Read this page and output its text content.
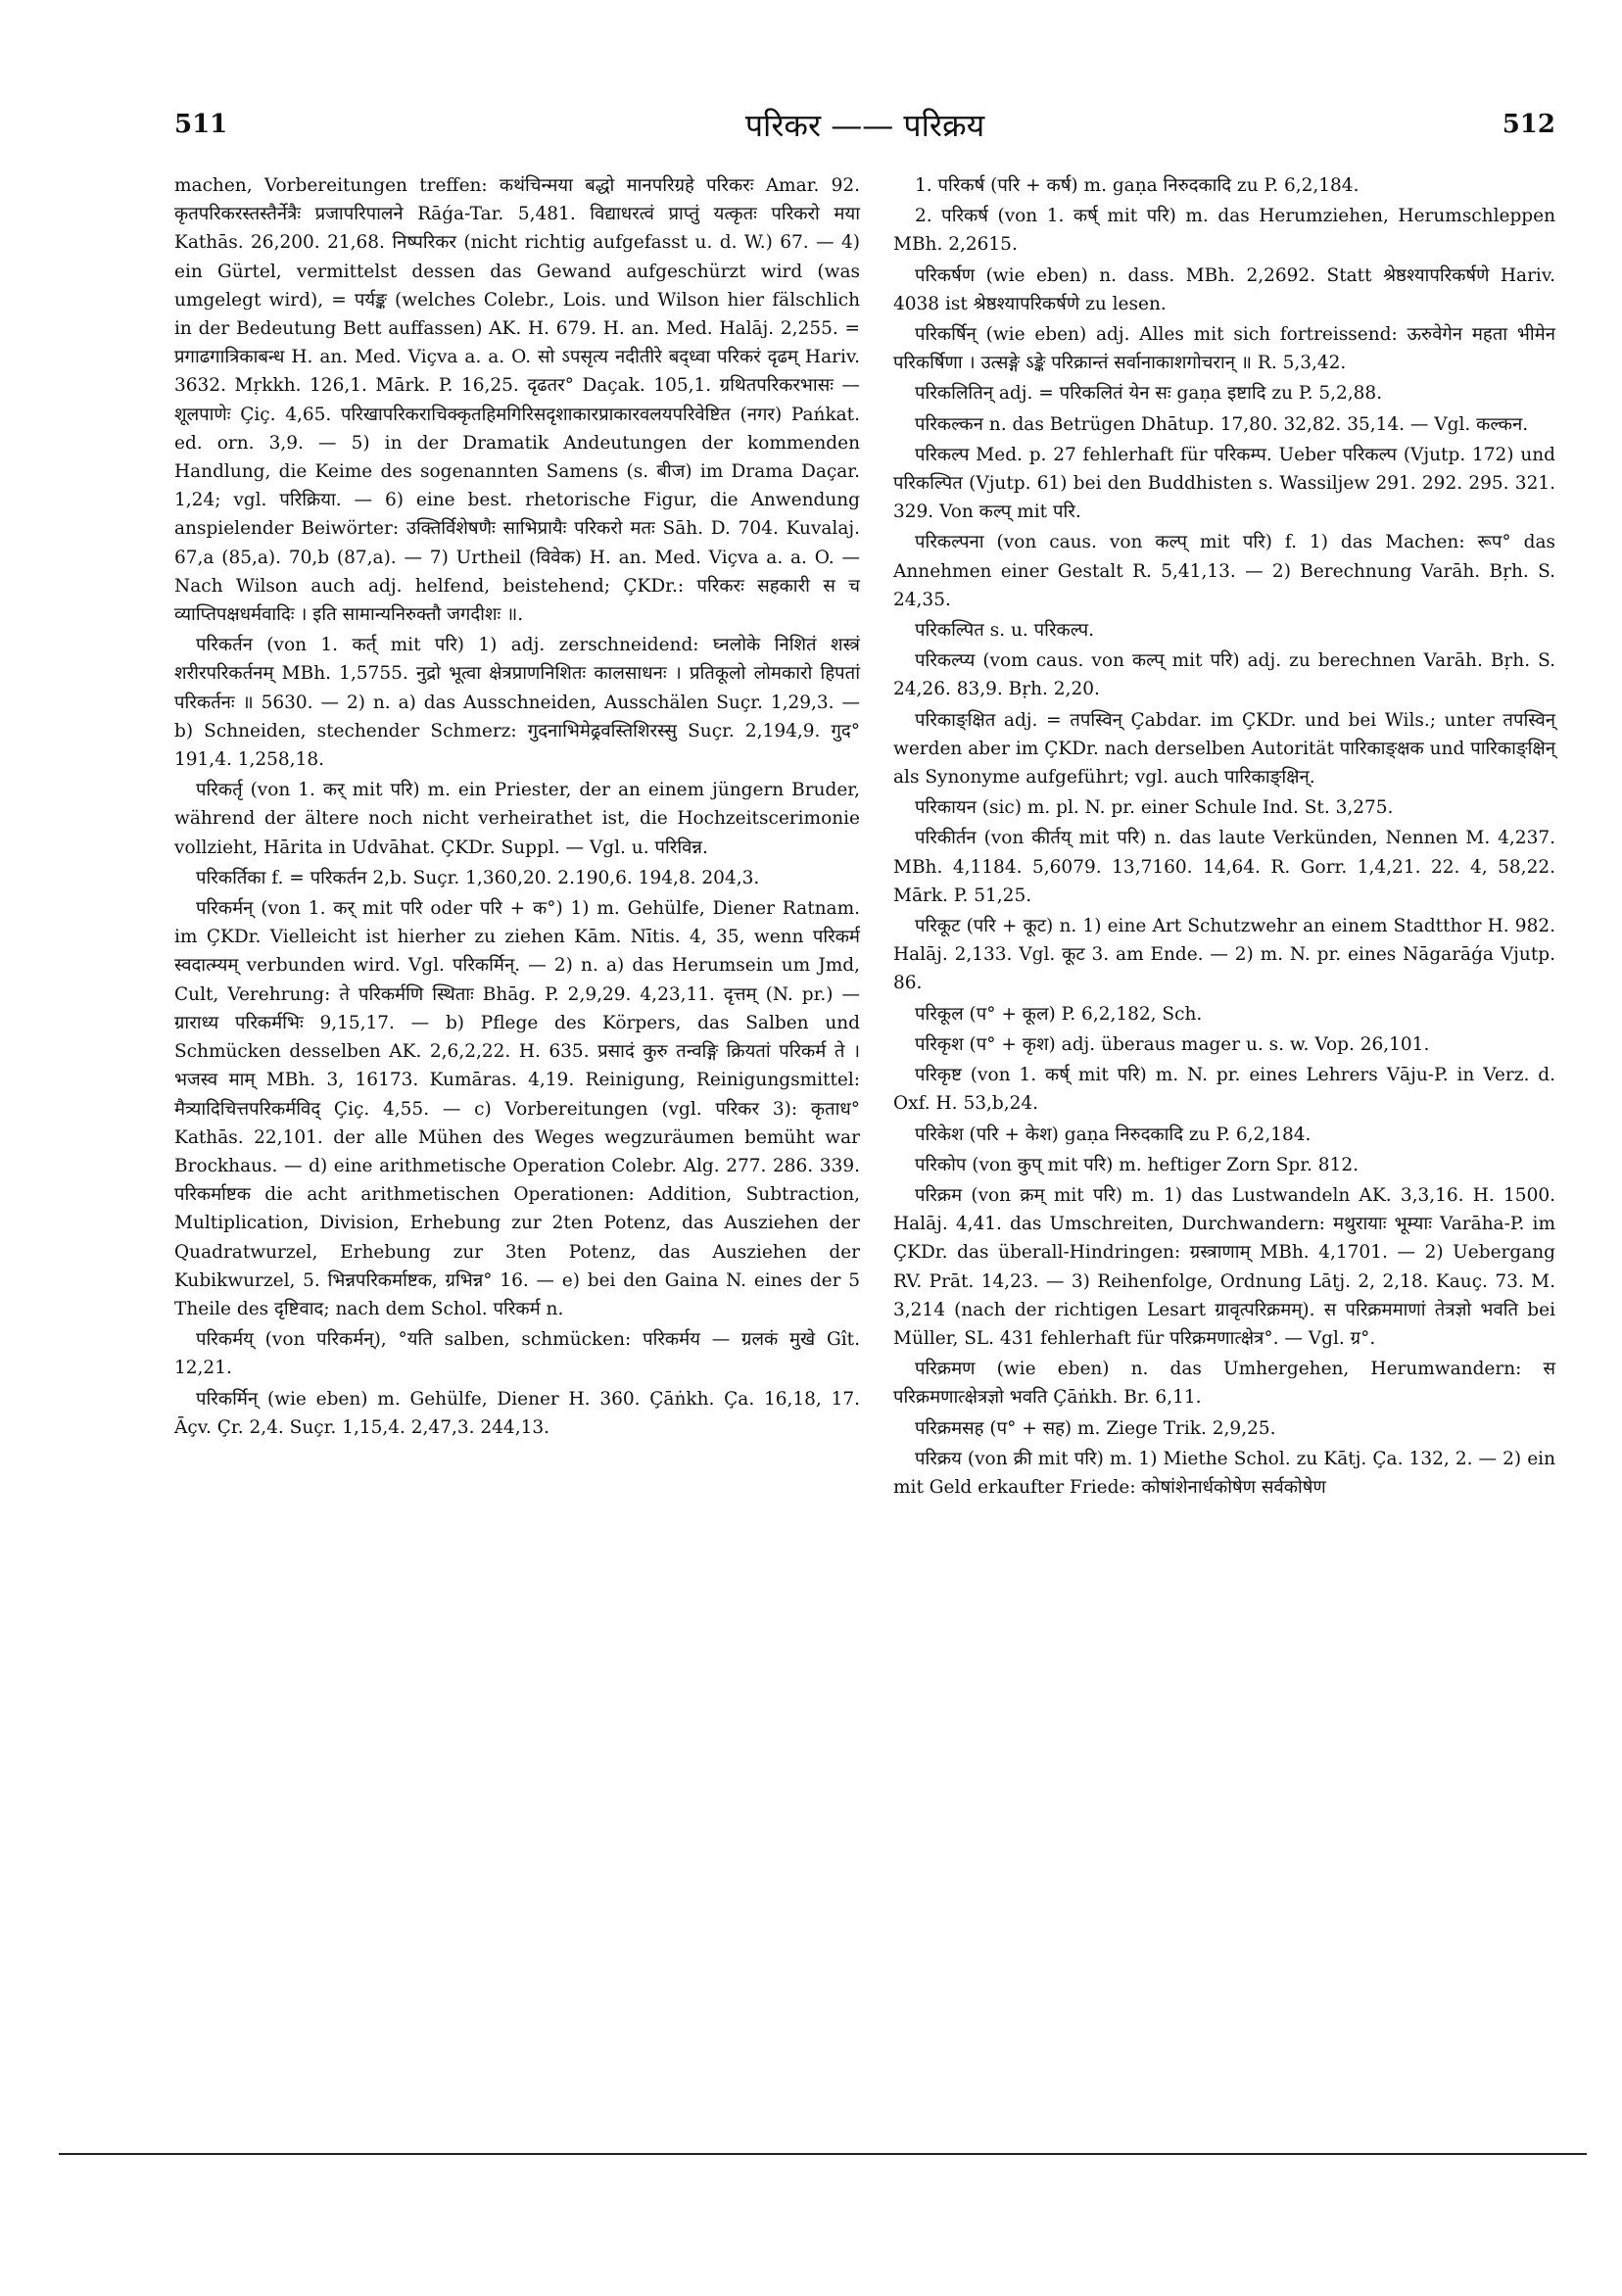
511	परिकर —— परिक्रय	512

machen, Vorbereitungen treffen: कथंचिन्मया बद्धो मानपरिग्रहे परिकरः Amar. 92. कृतपरिकरस्तस्तैर्नेत्रैः प्रजापरिपालने Rāǵa-Tar. 5,481. विद्याधरत्वं प्राप्तुं यत्कृतः परिकरो मया Kathās. 26,200. 21,68. निष्परिकर (nicht richtig aufgefasst u. d. W.) 67. — 4) ein Gürtel, vermittelst dessen das Gewand aufgeschürzt wird (was umgelegt wird), = पर्यङ्क (welches Colebr., Lois. und Wilson hier fälschlich in der Bedeutung Bett auffassen) AK. H. 679. H. an. Med. Halāj. 2,255. = प्रगाढगात्रिकाबन्ध H. an. Med. Viçva a. a. O. सो ऽपसृत्य नदीतीरे बद्ध्वा परिकरं दृढम् Hariv. 3632. Mṛkkh. 126,1. Mārk. P. 16,25. दृढतर° Daçak. 105,1. ग्रथितपरिकरभासः — शूलपाणेः Çiç. 4,65. परिखापरिकराचिक्कृतहिमगिरिसदृशाकारप्राकारवलयपरिवेष्टित (नगर) Pańkat. ed. orn. 3,9. — 5) in der Dramatik Andeutungen der kommenden Handlung, die Keime des sogenannten Samens (s. बीज) im Drama Daçar. 1,24; vgl. परिक्रिया. — 6) eine best. rhetorische Figur, die Anwendung anspielender Beiwörter: उक्तिर्विशेषणैः साभिप्रायैः परिकरो मतः Sāh. D. 704. Kuvalaj. 67,a (85,a). 70,b (87,a). — 7) Urtheil (विवेक) H. an. Med. Viçva a. a. O. — Nach Wilson auch adj. helfend, beistehend; ÇKDr.: परिकरः सहकारी स च व्याप्तिपक्षधर्मवादिः । इति सामान्यनिरुक्तौ जगदीशः ॥.

परिकर्तन (von 1. कर्त् mit परि) 1) adj. zerschneidend: घ्नलोके निशितं शस्त्रं शरीरपरिकर्तनम् MBh. 1,5755. नुद्रो भूत्वा क्षेत्रप्राणनिशितः कालसाधनः । प्रतिकूलो लोमकारो हिपतां परिकर्तनः ॥ 5630. — 2) n. a) das Ausschneiden, Ausschälen Suçr. 1,29,3. — b) Schneiden, stechender Schmerz: गुदनाभिमेढ्रवस्तिशिरस्सु Suçr. 2,194,9. गुद° 191,4. 1,258,18.

परिकर्तृ (von 1. कर् mit परि) m. ein Priester, der an einem jüngern Bruder, während der ältere noch nicht verheirathet ist, die Hochzeitscerimonie vollzieht, Hārita in Udvāhat. ÇKDr. Suppl. — Vgl. u. परिविन्न.

परिकर्तिका f. = परिकर्तन 2,b. Suçr. 1,360,20. 2.190,6. 194,8. 204,3.

परिकर्मन् (von 1. कर् mit परि oder परि + क°) 1) m. Gehülfe, Diener Ratnam. im ÇKDr. Vielleicht ist hierher zu ziehen Kām. Nītis. 4, 35, wenn परिकर्म स्वदात्म्यम् verbunden wird. Vgl. परिकर्मिन्. — 2) n. a) das Herumsein um Jmd, Cult, Verehrung: ते परिकर्मणि स्थिताः Bhāg. P. 2,9,29. 4,23,11. दृत्तम् (N. pr.) — ग्राराध्य परिकर्मभिः 9,15,17. — b) Pflege des Körpers, das Salben und Schmücken desselben AK. 2,6,2,22. H. 635. प्रसादं कुरु तन्वङ्गि क्रियतां परिकर्म ते । भजस्व माम् MBh. 3, 16173. Kumāras. 4,19. Reinigung, Reinigungsmittel: मैत्र्यादिचित्तपरिकर्मविद् Çiç. 4,55. — c) Vorbereitungen (vgl. परिकर 3): कृताध° Kathās. 22,101. der alle Mühen des Weges wegzuräumen bemüht war Brockhaus. — d) eine arithmetische Operation Colebr. Alg. 277. 286. 339. परिकर्माष्टक die acht arithmetischen Operationen: Addition, Subtraction, Multiplication, Division, Erhebung zur 2ten Potenz, das Ausziehen der Quadratwurzel, Erhebung zur 3ten Potenz, das Ausziehen der Kubikwurzel, 5. भिन्नपरिकर्माष्टक, ग्रभिन्न° 16. — e) bei den Gaina N. eines der 5 Theile des दृष्टिवाद; nach dem Schol. परिकर्म n.

परिकर्मय् (von परिकर्मन्), °यति salben, schmücken: परिकर्मय — ग्रलकं मुखे Gît. 12,21.

परिकर्मिन् (wie eben) m. Gehülfe, Diener H. 360. Çāṅkh. Ça. 16,18, 17. Āçv. Çr. 2,4. Suçr. 1,15,4. 2,47,3. 244,13.

1. परिकर्ष (परि + कर्ष) m. gaṇa निरुदकादि zu P. 6,2,184.

2. परिकर्ष (von 1. कर्ष् mit परि) m. das Herumziehen, Herumschleppen MBh. 2,2615.

परिकर्षण (wie eben) n. dass. MBh. 2,2692. Statt श्रेष्ठश्यापरिकर्षणे Hariv. 4038 ist श्रेष्ठश्यापरिकर्षणे zu lesen.

परिकर्षिन् (wie eben) adj. Alles mit sich fortreissend: ऊरुवेगेन महता भीमेन परिकर्षिणा । उत्सङ्गे ऽङ्के परिक्रान्तं सर्वानाकाशगोचरान् ॥ R. 5,3,42.

परिकलितिन् adj. = परिकलितं येन सः gaṇa इष्टादि zu P. 5,2,88.

परिकल्कन n. das Betrügen Dhātup. 17,80. 32,82. 35,14. — Vgl. कल्कन.

परिकल्प Med. p. 27 fehlerhaft für परिकम्प. Ueber परिकल्प (Vjutp. 172) und परिकल्पित (Vjutp. 61) bei den Buddhisten s. Wassiljew 291. 292. 295. 321. 329. Von कल्प् mit परि.

परिकल्पना (von caus. von कल्प् mit परि) f. 1) das Machen: रूप° das Annehmen einer Gestalt R. 5,41,13. — 2) Berechnung Varāh. Bṛh. S. 24,35.

परिकल्पित s. u. परिकल्प.

परिकल्प्य (vom caus. von कल्प् mit परि) adj. zu berechnen Varāh. Bṛh. S. 24,26. 83,9. Bṛh. 2,20.

परिकाङ्क्षित adj. = तपस्विन् Çabdar. im ÇKDr. und bei Wils.; unter तपस्विन् werden aber im ÇKDr. nach derselben Autorität पारिकाङ्क्षक und पारिकाङ्क्षिन् als Synonyme aufgeführt; vgl. auch पारिकाङ्क्षिन्.

परिकायन (sic) m. pl. N. pr. einer Schule Ind. St. 3,275.

परिकीर्तन (von कीर्तय् mit परि) n. das laute Verkünden, Nennen M. 4,237. MBh. 4,1184. 5,6079. 13,7160. 14,64. R. Gorr. 1,4,21. 22. 4, 58,22. Mārk. P. 51,25.

परिकूट (परि + कूट) n. 1) eine Art Schutzwehr an einem Stadtthor H. 982. Halāj. 2,133. Vgl. कूट 3. am Ende. — 2) m. N. pr. eines Nāgarāǵa Vjutp. 86.

परिकूल (प° + कूल) P. 6,2,182, Sch.

परिकृश (प° + कृश) adj. überaus mager u. s. w. Vop. 26,101.

परिकृष्ट (von 1. कर्ष् mit परि) m. N. pr. eines Lehrers Vāju-P. in Verz. d. Oxf. H. 53,b,24.

परिकेश (परि + केश) gaṇa निरुदकादि zu P. 6,2,184.

परिकोप (von कुप् mit परि) m. heftiger Zorn Spr. 812.

परिक्रम (von क्रम् mit परि) m. 1) das Lustwandeln AK. 3,3,16. H. 1500. Halāj. 4,41. das Umschreiten, Durchwandern: मथुरायाः भूम्याः Varāha-P. im ÇKDr. das überall-Hindringen: ग्रस्त्राणाम् MBh. 4,1701. — 2) Uebergang RV. Prāt. 14,23. — 3) Reihenfolge, Ordnung Lāṭj. 2, 2,18. Kauç. 73. M. 3,214 (nach der richtigen Lesart ग्रावृत्परिक्रमम्). स परिक्रममाणां तेत्रज्ञो भवति bei Müller, SL. 431 fehlerhaft für परिक्रमणात्क्षेत्र°. — Vgl. ग्र°.

परिक्रमण (wie eben) n. das Umhergehen, Herumwandern: स परिक्रमणात्क्षेत्रज्ञो भवति Çāṅkh. Br. 6,11.

परिक्रमसह (प° + सह) m. Ziege Trik. 2,9,25.

परिक्रय (von क्री mit परि) m. 1) Miethe Schol. zu Kātj. Ça. 132, 2. — 2) ein mit Geld erkaufter Friede: कोषांशेनार्धकोषेण सर्वकोषेण
